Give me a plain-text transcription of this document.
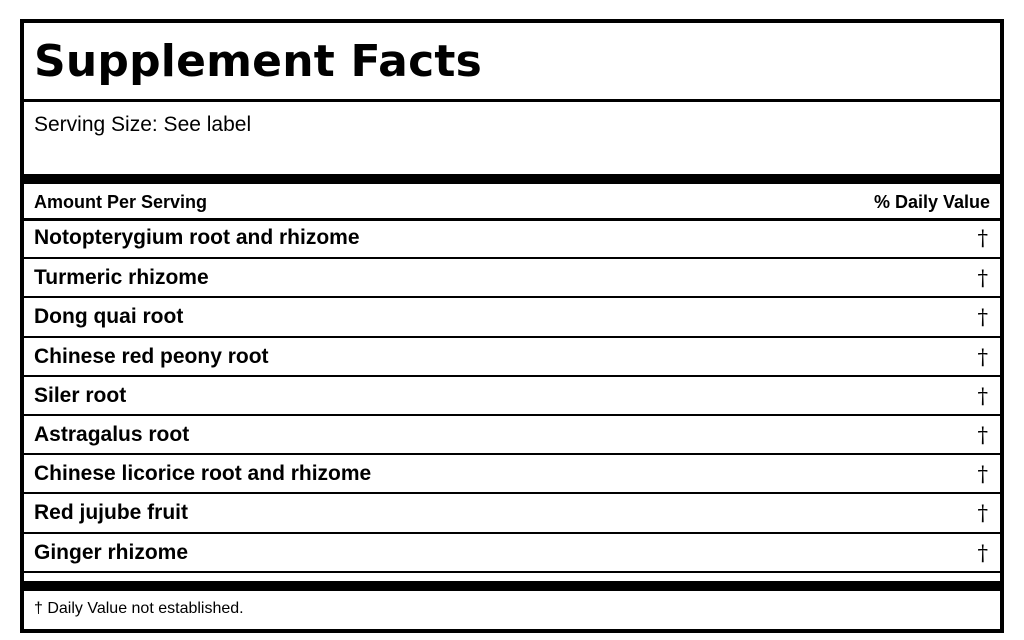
Supplement Facts
Serving Size: See label
Amount Per Serving	% Daily Value
Notopterygium root and rhizome	†
Turmeric rhizome	†
Dong quai root	†
Chinese red peony root	†
Siler root	†
Astragalus root	†
Chinese licorice root and rhizome	†
Red jujube fruit	†
Ginger rhizome	†
† Daily Value not established.
